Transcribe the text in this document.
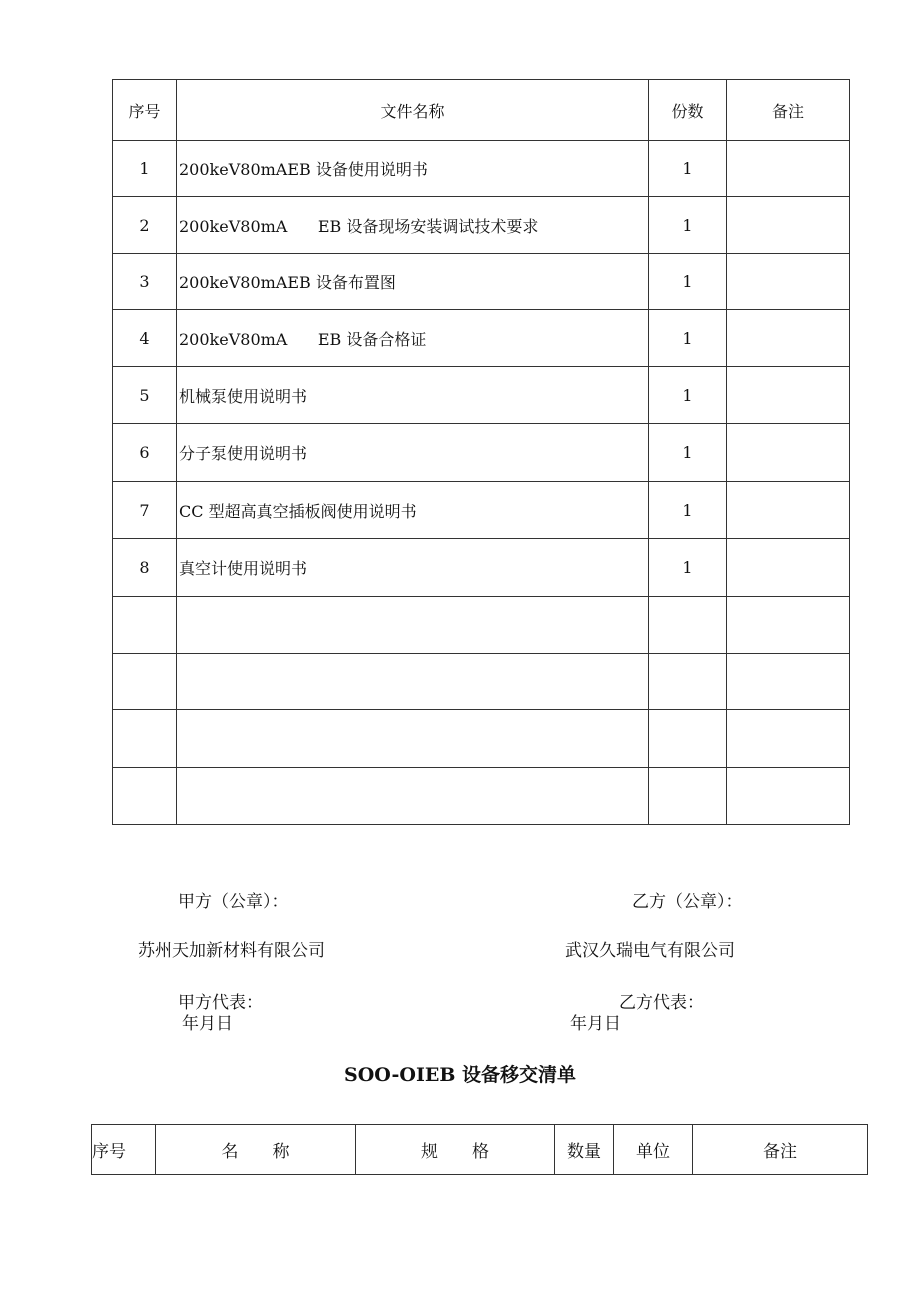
序号	文件名称	份数	备注
1	200keV80mAEB 设备使用说明书	1	
2	200keV80mA      EB 设备现场安装调试技术要求	1	
3	200keV80mAEB 设备布置图	1	
4	200keV80mA      EB 设备合格证	1	
5	机械泵使用说明书	1	
6	分子泵使用说明书	1	
7	CC 型超高真空插板阀使用说明书	1	
8	真空计使用说明书	1	

甲方（公章）：	乙方（公章）：
苏州天加新材料有限公司	武汉久瑞电气有限公司
甲方代表：	乙方代表：
年月日	年月日
SOO-OIEB 设备移交清单
序号	名　　称	规　　格	数量	单位	备注
